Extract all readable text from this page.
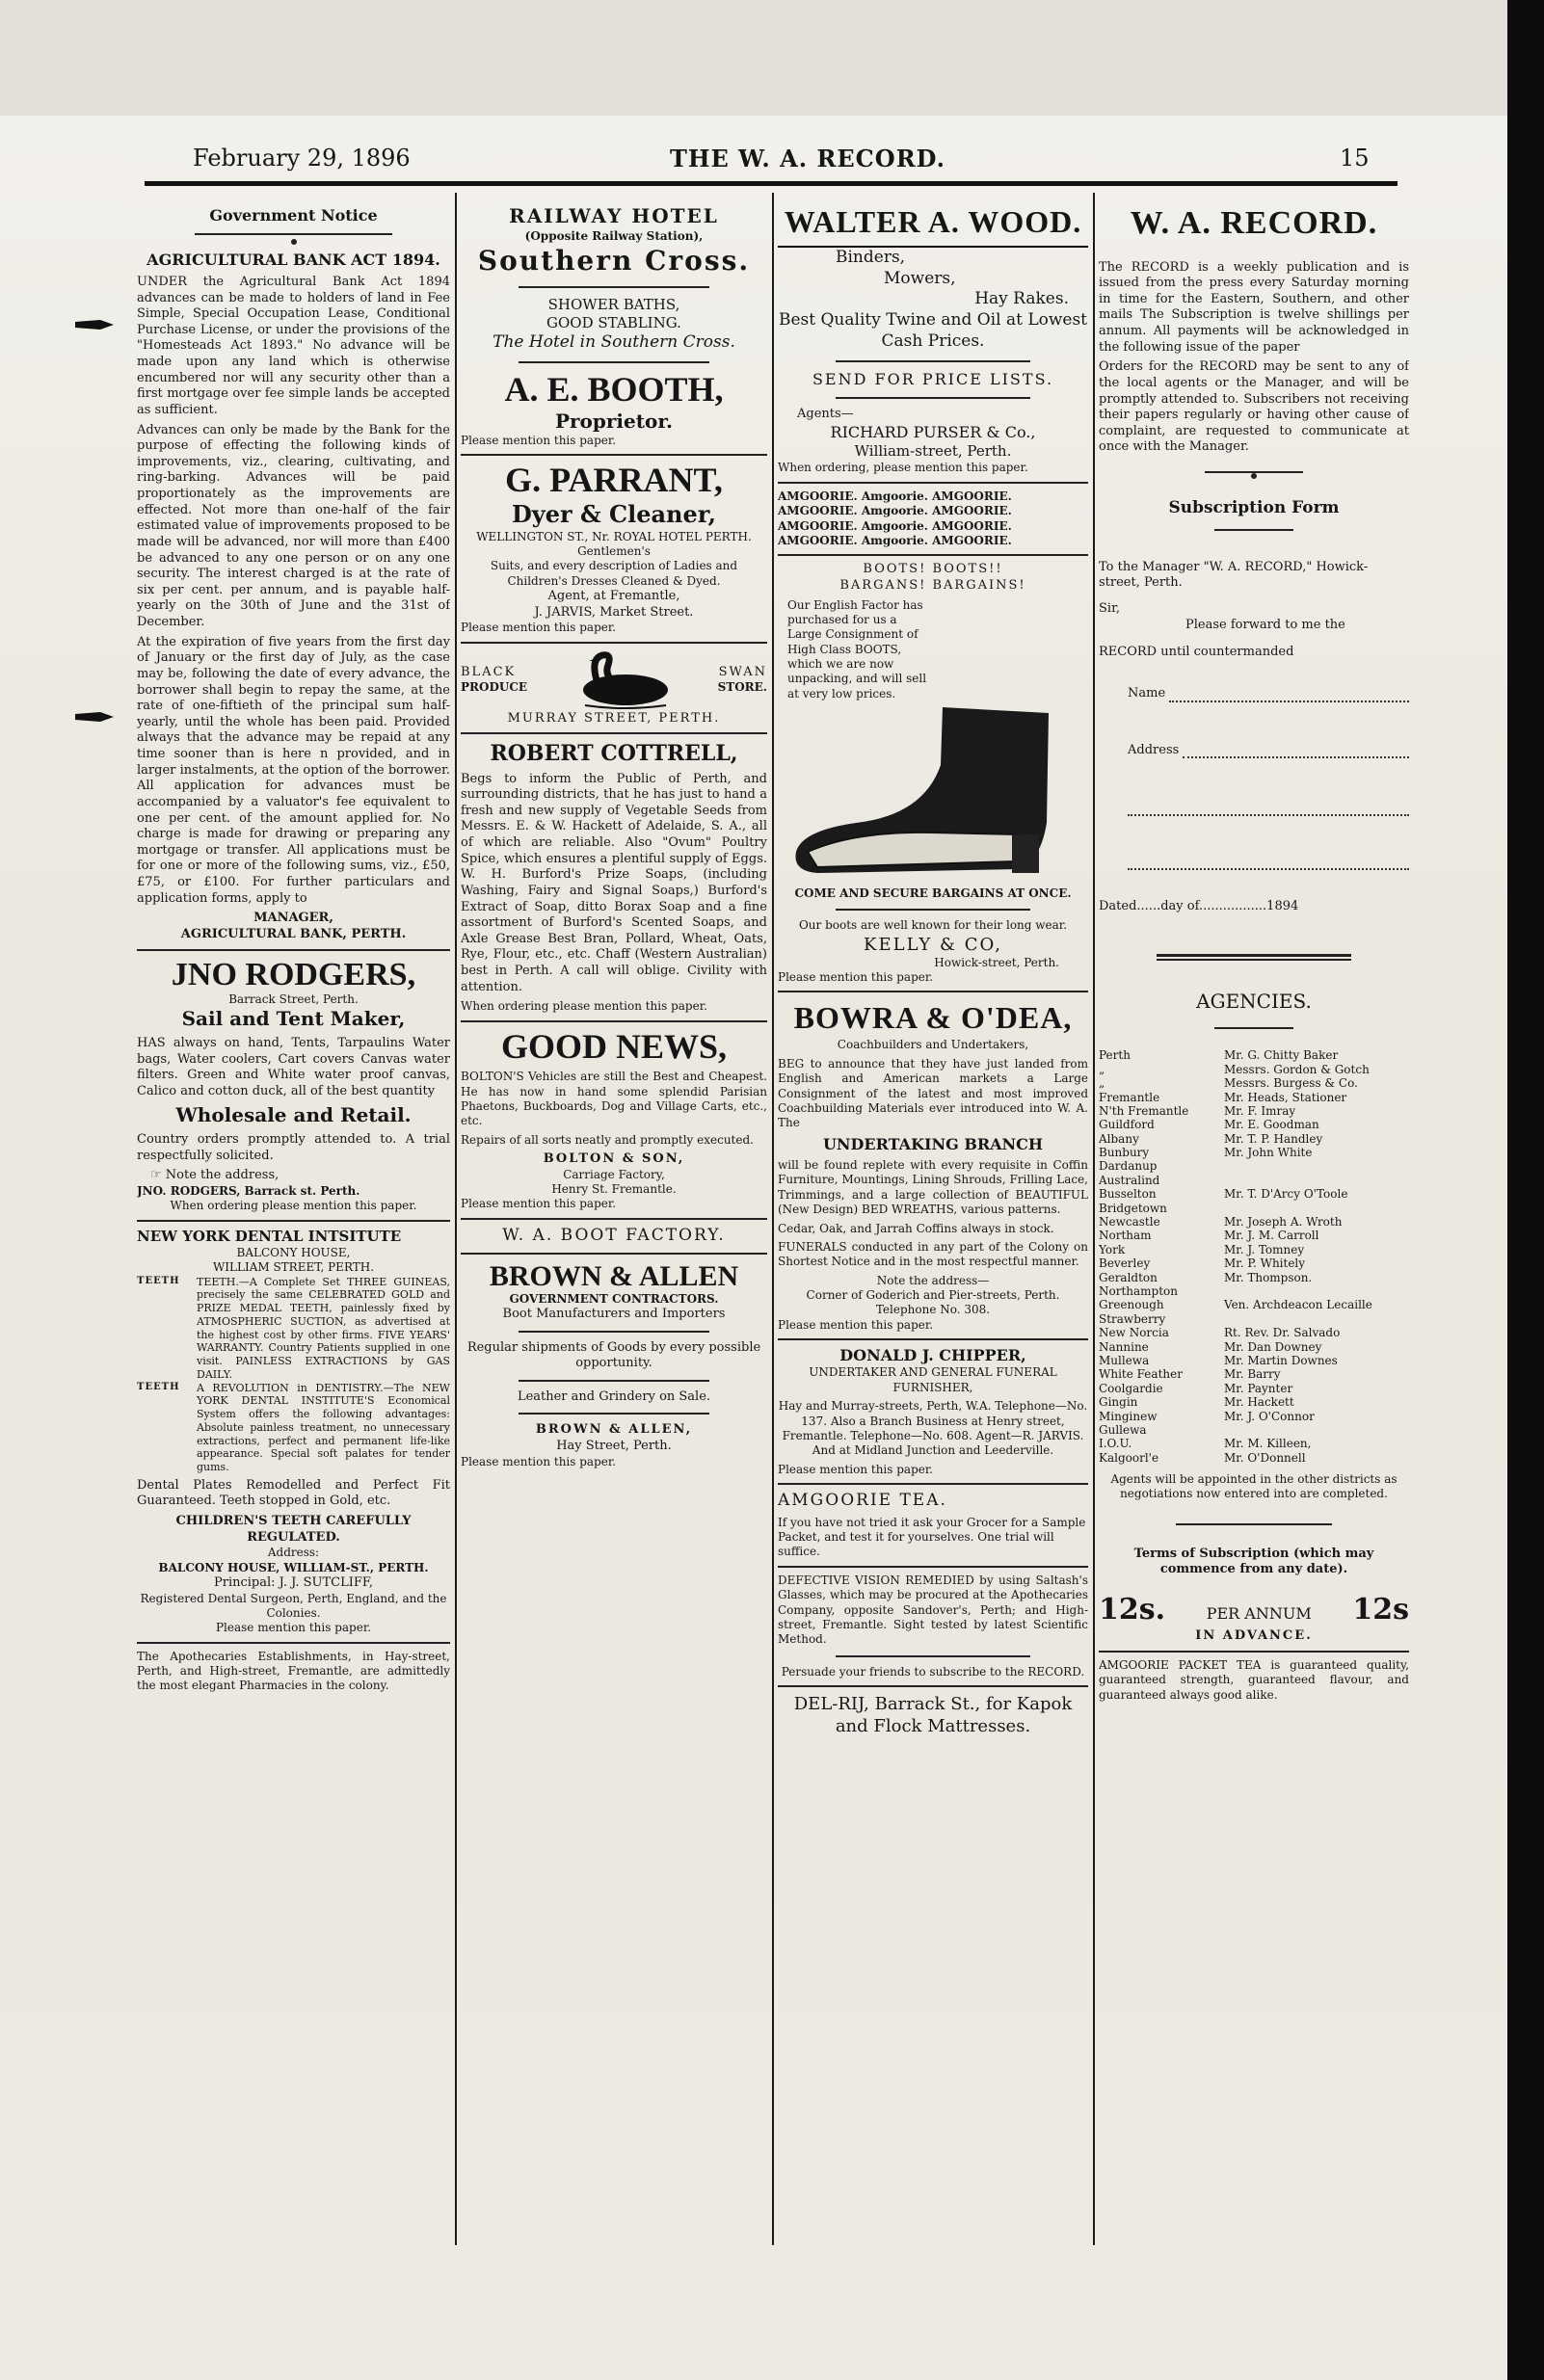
February 29, 1896	THE W. A. RECORD.	15
Government Notice
AGRICULTURAL BANK ACT 1894.

UNDER the Agricultural Bank Act 1894 advances can be made to holders of land in Fee Simple, Special Occupation Lease, Conditional Purchase License, or under the provisions of the "Homesteads Act 1893." No advance will be made upon any land which is otherwise encumbered nor will any security other than a first mortgage over fee simple lands be accepted as sufficient.

Advances can only be made by the Bank for the purpose of effecting the following kinds of improvements, viz., clearing, cultivating, and ring-barking. Advances will be paid proportionately as the improvements are effected. Not more than one-half of the fair estimated value of improvements proposed to be made will be advanced, nor will more than £400 be advanced to any one person or on any one security. The interest charged is at the rate of six per cent. per annum, and is payable half-yearly on the 30th of June and the 31st of December.

At the expiration of five years from the first day of January or the first day of July, as the case may be, following the date of every advance, the borrower shall begin to repay the same, at the rate of one-fiftieth of the principal sum half-yearly, until the whole has been paid. Provided always that the advance may be repaid at any time sooner than is here n provided, and in larger instalments, at the option of the borrower. All application for advances must be accompanied by a valuator's fee equivalent to one per cent. of the amount applied for. No charge is made for drawing or preparing any mortgage or transfer. All applications must be for one or more of the following sums, viz., £50, £75, or £100. For further particulars and application forms, apply to

MANAGER,
AGRICULTURAL BANK, PERTH.
JNO RODGERS,
Barrack Street, Perth.
Sail and Tent Maker,

HAS always on hand, Tents, Tarpaulins Water bags, Water coolers, Cart covers Canvas water filters. Green and White water proof canvas, Calico and cotton duck, all of the best quantity

Wholesale and Retail.

Country orders promptly attended to. A trial respectfully solicited.

☞ Note the address,
JNO. RODGERS, Barrack st. Perth.
When ordering please mention this paper.
NEW YORK DENTAL INTSITUTE
BALCONY HOUSE,
WILLIAM STREET, PERTH.
TEETH	TEETH.—A Complete Set THREE GUINEAS, precisely the same CELEBRATED GOLD and PRIZE MEDAL TEETH, painlessly fixed by ATMOSPHERIC SUCTION, as advertised at the highest cost by other firms. FIVE YEARS' WARRANTY. Country Patients supplied in one visit. PAINLESS EXTRACTIONS by GAS DAILY.
TEETH	A REVOLUTION in DENTISTRY.—The NEW YORK DENTAL INSTITUTE'S Economical System offers the following advantages: Absolute painless treatment, no unnecessary extractions, perfect and permanent life-like appearance. Special soft palates for tender gums.

Dental Plates Remodelled and Perfect Fit Guaranteed. Teeth stopped in Gold, etc.

CHILDREN'S TEETH CAREFULLY REGULATED.
Address:
BALCONY HOUSE, WILLIAM-ST., PERTH.
Principal: J. J. SUTCLIFF,
Registered Dental Surgeon, Perth, England, and the Colonies.
Please mention this paper.

The Apothecaries Establishments, in Hay-street, Perth, and High-street, Fremantle, are admittedly the most elegant Pharmacies in the colony.

RAILWAY HOTEL
(Opposite Railway Station),
Southern Cross.
SHOWER BATHS,
GOOD STABLING.
The Hotel in Southern Cross.
A. E. BOOTH,
Proprietor.
Please mention this paper.
G. PARRANT,
Dyer & Cleaner,
WELLINGTON ST., Nr. ROYAL HOTEL PERTH.
Gentlemen's
Suits, and every description of Ladies and Children's Dresses Cleaned & Dyed.
Agent, at Fremantle,
J. JARVIS, Market Street.
Please mention this paper.
BLACK
PRODUCE
SWAN
STORE.
MURRAY STREET, PERTH.
ROBERT COTTRELL,

Begs to inform the Public of Perth, and surrounding districts, that he has just to hand a fresh and new supply of Vegetable Seeds from Messrs. E. & W. Hackett of Adelaide, S. A., all of which are reliable. Also "Ovum" Poultry Spice, which ensures a plentiful supply of Eggs. W. H. Burford's Prize Soaps, (including Washing, Fairy and Signal Soaps,) Burford's Extract of Soap, ditto Borax Soap and a fine assortment of Burford's Scented Soaps, and Axle Grease Best Bran, Pollard, Wheat, Oats, Rye, Flour, etc., etc. Chaff (Western Australian) best in Perth. A call will oblige. Civility with attention.

When ordering please mention this paper.
GOOD NEWS,

BOLTON'S Vehicles are still the Best and Cheapest. He has now in hand some splendid Parisian Phaetons, Buckboards, Dog and Village Carts, etc., etc.

Repairs of all sorts neatly and promptly executed.

BOLTON & SON,
Carriage Factory,
Henry St. Fremantle.
Please mention this paper.
W. A. BOOT FACTORY.
BROWN & ALLEN
GOVERNMENT CONTRACTORS.
Boot Manufacturers and Importers
Regular shipments of Goods by every possible opportunity.
Leather and Grindery on Sale.
BROWN & ALLEN,
Hay Street, Perth.
Please mention this paper.
WALTER A. WOOD.
Binders,
Mowers,
Hay Rakes.
Best Quality Twine and Oil at Lowest Cash Prices.
SEND FOR PRICE LISTS.
Agents—
RICHARD PURSER & Co.,
William-street, Perth.
When ordering, please mention this paper.
AMGOORIE. Amgoorie. AMGOORIE.
AMGOORIE. Amgoorie. AMGOORIE.
AMGOORIE. Amgoorie. AMGOORIE.
AMGOORIE. Amgoorie. AMGOORIE.
BOOTS! BOOTS!!
BARGANS! BARGAINS!

Our English Factor has purchased for us a Large Consignment of High Class BOOTS, which we are now unpacking, and will sell at very low prices.

COME AND SECURE BARGAINS AT ONCE.
Our boots are well known for their long wear.
KELLY & CO,
Howick-street, Perth.
Please mention this paper.
BOWRA & O'DEA,
Coachbuilders and Undertakers,

BEG to announce that they have just landed from English and American markets a Large Consignment of the latest and most improved Coachbuilding Materials ever introduced into W. A. The

UNDERTAKING BRANCH

will be found replete with every requisite in Coffin Furniture, Mountings, Lining Shrouds, Frilling Lace, Trimmings, and a large collection of BEAUTIFUL (New Design) BED WREATHS, various patterns.

Cedar, Oak, and Jarrah Coffins always in stock.

FUNERALS conducted in any part of the Colony on Shortest Notice and in the most respectful manner.

Note the address—
Corner of Goderich and Pier-streets, Perth. Telephone No. 308.
Please mention this paper.
DONALD J. CHIPPER,
UNDERTAKER AND GENERAL FUNERAL FURNISHER,

Hay and Murray-streets, Perth, W.A. Telephone—No. 137. Also a Branch Business at Henry street, Fremantle. Telephone—No. 608. Agent—R. JARVIS. And at Midland Junction and Leederville.

Please mention this paper.
AMGOORIE TEA.

If you have not tried it ask your Grocer for a Sample Packet, and test it for yourselves. One trial will suffice.

DEFECTIVE VISION REMEDIED by using Saltash's Glasses, which may be procured at the Apothecaries Company, opposite Sandover's, Perth; and High-street, Fremantle. Sight tested by latest Scientific Method.

Persuade your friends to subscribe to the RECORD.

DEL-RIJ, Barrack St., for Kapok and Flock Mattresses.
W. A. RECORD.

The RECORD is a weekly publication and is issued from the press every Saturday morning in time for the Eastern, Southern, and other mails The Subscription is twelve shillings per annum. All payments will be acknowledged in the following issue of the paper

Orders for the RECORD may be sent to any of the local agents or the Manager, and will be promptly attended to. Subscribers not receiving their papers regularly or having other cause of complaint, are requested to communicate at once with the Manager.

Subscription Form

To the Manager "W. A. RECORD," Howick-street, Perth.

Sir,
Please forward to me the
RECORD until countermanded
Name
Address
Dated......day of.................1894
AGENCIES.
Perth	Mr. G. Chitty Baker
„	Messrs. Gordon & Gotch
„	Messrs. Burgess & Co.
Fremantle	Mr. Heads, Stationer
N'th Fremantle	Mr. F. Imray
Guildford	Mr. E. Goodman
Albany	Mr. T. P. Handley
Bunbury	Mr. John White
Dardanup
Australind
Busselton	Mr. T. D'Arcy O'Toole
Bridgetown
Newcastle	Mr. Joseph A. Wroth
Northam	Mr. J. M. Carroll
York	Mr. J. Tomney
Beverley	Mr. P. Whitely
Geraldton	Mr. Thompson.
Northampton
Greenough	Ven. Archdeacon Lecaille
Strawberry
New Norcia	Rt. Rev. Dr. Salvado
Nannine	Mr. Dan Downey
Mullewa	Mr. Martin Downes
White Feather	Mr. Barry
Coolgardie	Mr. Paynter
Gingin	Mr. Hackett
Minginew	Mr. J. O'Connor
Gullewa
I.O.U.	Mr. M. Killeen,
Kalgoorl'e	Mr. O'Donnell

Agents will be appointed in the other districts as negotiations now entered into are completed.

Terms of Subscription (which may commence from any date).

12s.	PER ANNUM 12s
IN ADVANCE.

AMGOORIE PACKET TEA is guaranteed quality, guaranteed strength, guaranteed flavour, and guaranteed always good alike.
